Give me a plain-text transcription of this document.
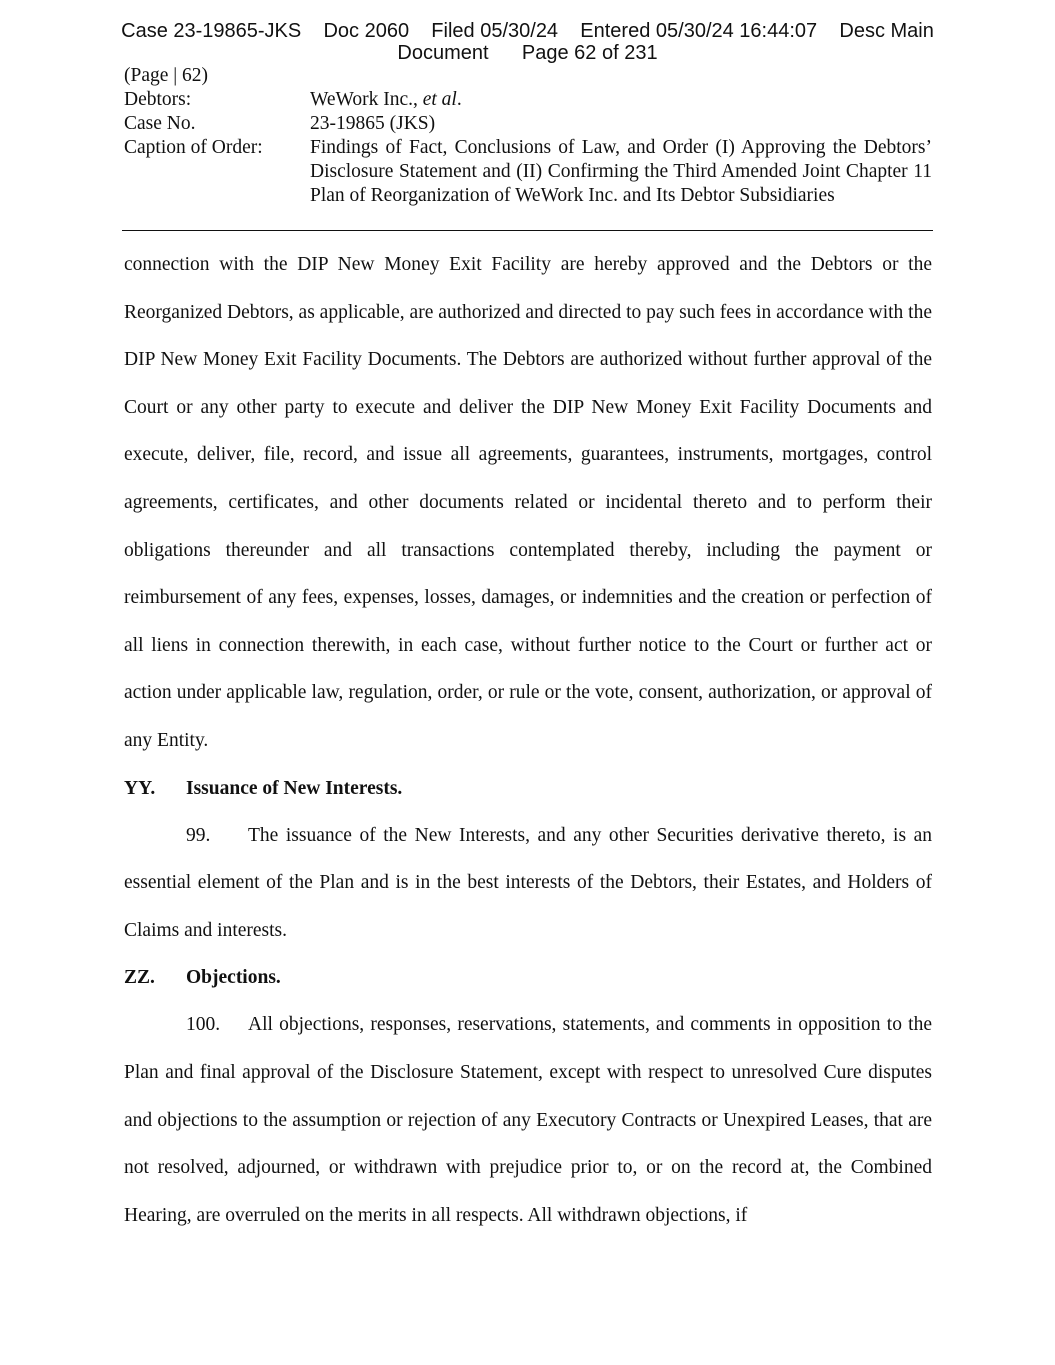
Case 23-19865-JKS    Doc 2060    Filed 05/30/24    Entered 05/30/24 16:44:07    Desc Main
Document      Page 62 of 231
(Page | 62)
Debtors:	WeWork Inc., et al.
Case No.	23-19865 (JKS)
Caption of Order:	Findings of Fact, Conclusions of Law, and Order (I) Approving the Debtors’ Disclosure Statement and (II) Confirming the Third Amended Joint Chapter 11 Plan of Reorganization of WeWork Inc. and Its Debtor Subsidiaries

connection with the DIP New Money Exit Facility are hereby approved and the Debtors or the Reorganized Debtors, as applicable, are authorized and directed to pay such fees in accordance with the DIP New Money Exit Facility Documents. The Debtors are authorized without further approval of the Court or any other party to execute and deliver the DIP New Money Exit Facility Documents and execute, deliver, file, record, and issue all agreements, guarantees, instruments, mortgages, control agreements, certificates, and other documents related or incidental thereto and to perform their obligations thereunder and all transactions contemplated thereby, including the payment or reimbursement of any fees, expenses, losses, damages, or indemnities and the creation or perfection of all liens in connection therewith, in each case, without further notice to the Court or further act or action under applicable law, regulation, order, or rule or the vote, consent, authorization, or approval of any Entity.

YY.	Issuance of New Interests.

99. The issuance of the New Interests, and any other Securities derivative thereto, is an essential element of the Plan and is in the best interests of the Debtors, their Estates, and Holders of Claims and interests.

ZZ.	Objections.

100. All objections, responses, reservations, statements, and comments in opposition to the Plan and final approval of the Disclosure Statement, except with respect to unresolved Cure disputes and objections to the assumption or rejection of any Executory Contracts or Unexpired Leases, that are not resolved, adjourned, or withdrawn with prejudice prior to, or on the record at, the Combined Hearing, are overruled on the merits in all respects. All withdrawn objections, if
